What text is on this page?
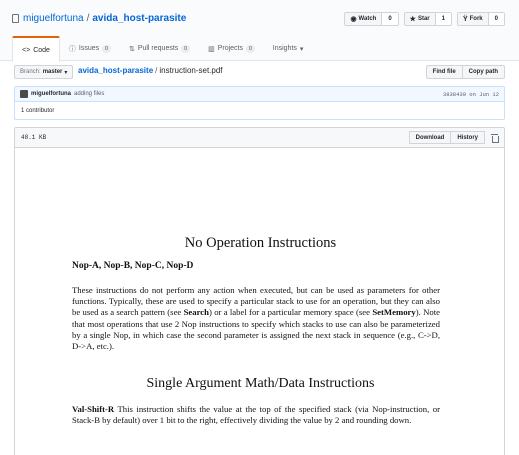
miguelfortuna / avida_host-parasite	◉ Watch	0	★ Star	1	Ÿ Fork	0
<> Code	ⓘ Issues	0	⇅ Pull requests	0	▥ Projects	0	Insights ▾
Branch: master ▾ avida_host-parasite / instruction-set.pdf	Find file	Copy path
miguelfortuna adding files	3838439 on Jun 12
1 contributor
48.1 KB	Download	History
No Operation Instructions
Nop-A, Nop-B, Nop-C, Nop-D
These instructions do not perform any action when executed, but can be used as parameters for other functions. Typically, these are used to specify a particular stack to use for an operation, but they can also be used as a search pattern (see Search) or a label for a particular memory space (see SetMemory). Note that most operations that use 2 Nop instructions to specify which stacks to use can also be parameterized by a single Nop, in which case the second parameter is assigned the next stack in sequence (e.g., C->D, D->A, etc.).
Single Argument Math/Data Instructions
Val-Shift-R This instruction shifts the value at the top of the specified stack (via Nop-instruction, or Stack-B by default) over 1 bit to the right, effectively dividing the value by 2 and rounding down.
